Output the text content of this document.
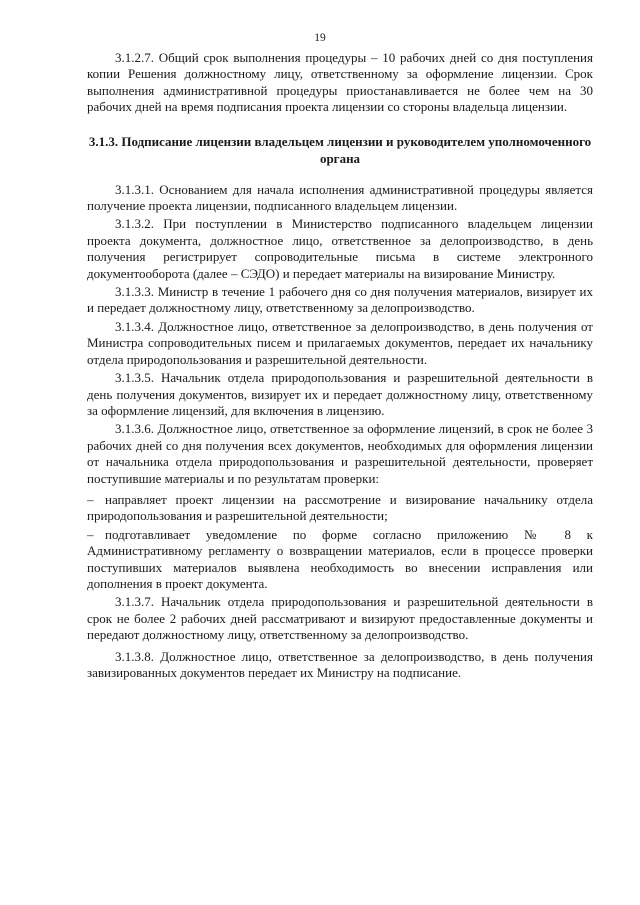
19

3.1.2.7. Общий срок выполнения процедуры – 10 рабочих дней со дня поступления копии Решения должностному лицу, ответственному за оформление лицензии. Срок выполнения административной процедуры приостанавливается не более чем на 30 рабочих дней на время подписания проекта лицензии со стороны владельца лицензии.

3.1.3. Подписание лицензии владельцем лицензии и руководителем уполномоченного органа

3.1.3.1. Основанием для начала исполнения административной процедуры является получение проекта лицензии, подписанного владельцем лицензии.

3.1.3.2. При поступлении в Министерство подписанного владельцем лицензии проекта документа, должностное лицо, ответственное за делопроизводство, в день получения регистрирует сопроводительные письма в системе электронного документооборота (далее – СЭДО) и передает материалы на визирование Министру.

3.1.3.3. Министр в течение 1 рабочего дня со дня получения материалов, визирует их и передает должностному лицу, ответственному за делопроизводство.

3.1.3.4. Должностное лицо, ответственное за делопроизводство, в день получения от Министра сопроводительных писем и прилагаемых документов, передает их начальнику отдела природопользования и разрешительной деятельности.

3.1.3.5. Начальник отдела природопользования и разрешительной деятельности в день получения документов, визирует их и передает должностному лицу, ответственному за оформление лицензий, для включения в лицензию.

3.1.3.6. Должностное лицо, ответственное за оформление лицензий, в срок не более 3 рабочих дней со дня получения всех документов, необходимых для оформления лицензии от начальника отдела природопользования и разрешительной деятельности, проверяет поступившие материалы и по результатам проверки:

– направляет проект лицензии на рассмотрение и визирование начальнику отдела природопользования и разрешительной деятельности;

– подготавливает уведомление по форме согласно приложению № 8 к Административному регламенту о возвращении материалов, если в процессе проверки поступивших материалов выявлена необходимость во внесении исправления или дополнения в проект документа.

3.1.3.7. Начальник отдела природопользования и разрешительной деятельности в срок не более 2 рабочих дней рассматривают и визируют предоставленные документы и передают должностному лицу, ответственному за делопроизводство.

3.1.3.8. Должностное лицо, ответственное за делопроизводство, в день получения завизированных документов передает их Министру на подписание.
